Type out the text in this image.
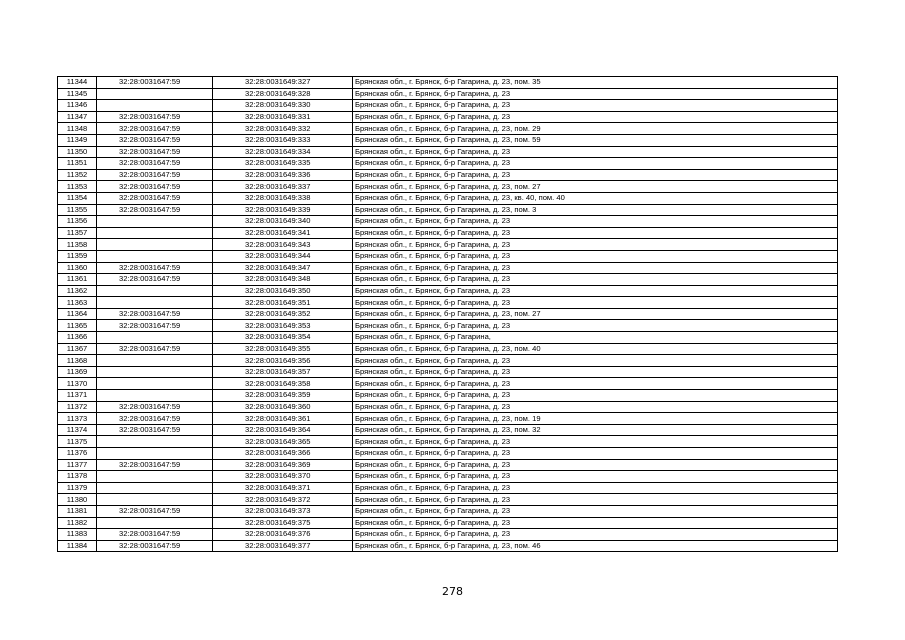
11344	32:28:0031647:59	32:28:0031649:327	Брянская обл., г. Брянск, б-р Гагарина, д. 23, пом. 35
11345		32:28:0031649:328	Брянская обл., г. Брянск, б-р Гагарина, д. 23
11346		32:28:0031649:330	Брянская обл., г. Брянск, б-р Гагарина, д. 23
11347	32:28:0031647:59	32:28:0031649:331	Брянская обл., г. Брянск, б-р Гагарина, д. 23
11348	32:28:0031647:59	32:28:0031649:332	Брянская обл., г. Брянск, б-р Гагарина, д. 23, пом. 29
11349	32:28:0031647:59	32:28:0031649:333	Брянская обл., г. Брянск, б-р Гагарина, д. 23, пом. 59
11350	32:28:0031647:59	32:28:0031649:334	Брянская обл., г. Брянск, б-р Гагарина, д. 23
11351	32:28:0031647:59	32:28:0031649:335	Брянская обл., г. Брянск, б-р Гагарина, д. 23
11352	32:28:0031647:59	32:28:0031649:336	Брянская обл., г. Брянск, б-р Гагарина, д. 23
11353	32:28:0031647:59	32:28:0031649:337	Брянская обл., г. Брянск, б-р Гагарина, д. 23, пом. 27
11354	32:28:0031647:59	32:28:0031649:338	Брянская обл., г. Брянск, б-р Гагарина, д. 23, кв. 40, пом. 40
11355	32:28:0031647:59	32:28:0031649:339	Брянская обл., г. Брянск, б-р Гагарина, д. 23, пом. 3
11356		32:28:0031649:340	Брянская обл., г. Брянск, б-р Гагарина, д. 23
11357		32:28:0031649:341	Брянская обл., г. Брянск, б-р Гагарина, д. 23
11358		32:28:0031649:343	Брянская обл., г. Брянск, б-р Гагарина, д. 23
11359		32:28:0031649:344	Брянская обл., г. Брянск, б-р Гагарина, д. 23
11360	32:28:0031647:59	32:28:0031649:347	Брянская обл., г. Брянск, б-р Гагарина, д. 23
11361	32:28:0031647:59	32:28:0031649:348	Брянская обл., г. Брянск, б-р Гагарина, д. 23
11362		32:28:0031649:350	Брянская обл., г. Брянск, б-р Гагарина, д. 23
11363		32:28:0031649:351	Брянская обл., г. Брянск, б-р Гагарина, д. 23
11364	32:28:0031647:59	32:28:0031649:352	Брянская обл., г. Брянск, б-р Гагарина, д. 23, пом. 27
11365	32:28:0031647:59	32:28:0031649:353	Брянская обл., г. Брянск, б-р Гагарина, д. 23
11366		32:28:0031649:354	Брянская обл., г. Брянск, б-р Гагарина,
11367	32:28:0031647:59	32:28:0031649:355	Брянская обл., г. Брянск, б-р Гагарина, д. 23, пом. 40
11368		32:28:0031649:356	Брянская обл., г. Брянск, б-р Гагарина, д. 23
11369		32:28:0031649:357	Брянская обл., г. Брянск, б-р Гагарина, д. 23
11370		32:28:0031649:358	Брянская обл., г. Брянск, б-р Гагарина, д. 23
11371		32:28:0031649:359	Брянская обл., г. Брянск, б-р Гагарина, д. 23
11372	32:28:0031647:59	32:28:0031649:360	Брянская обл., г. Брянск, б-р Гагарина, д. 23
11373	32:28:0031647:59	32:28:0031649:361	Брянская обл., г. Брянск, б-р Гагарина, д. 23, пом. 19
11374	32:28:0031647:59	32:28:0031649:364	Брянская обл., г. Брянск, б-р Гагарина, д. 23, пом. 32
11375		32:28:0031649:365	Брянская обл., г. Брянск, б-р Гагарина, д. 23
11376		32:28:0031649:366	Брянская обл., г. Брянск, б-р Гагарина, д. 23
11377	32:28:0031647:59	32:28:0031649:369	Брянская обл., г. Брянск, б-р Гагарина, д. 23
11378		32:28:0031649:370	Брянская обл., г. Брянск, б-р Гагарина, д. 23
11379		32:28:0031649:371	Брянская обл., г. Брянск, б-р Гагарина, д. 23
11380		32:28:0031649:372	Брянская обл., г. Брянск, б-р Гагарина, д. 23
11381	32:28:0031647:59	32:28:0031649:373	Брянская обл., г. Брянск, б-р Гагарина, д. 23
11382		32:28:0031649:375	Брянская обл., г. Брянск, б-р Гагарина, д. 23
11383	32:28:0031647:59	32:28:0031649:376	Брянская обл., г. Брянск, б-р Гагарина, д. 23
11384	32:28:0031647:59	32:28:0031649:377	Брянская обл., г. Брянск, б-р Гагарина, д. 23, пом. 46
278
